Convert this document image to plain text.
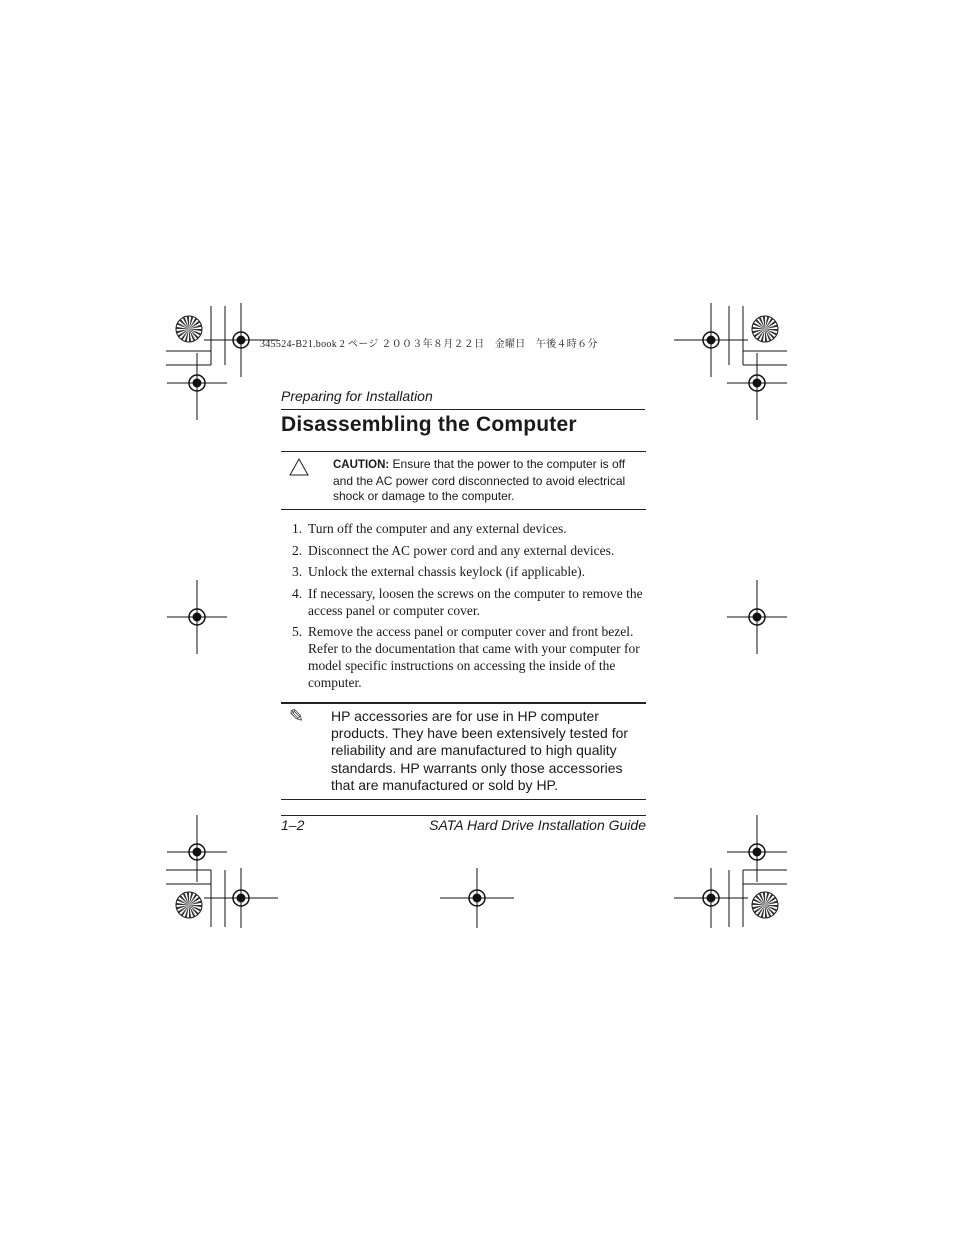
345524-B21.book 2 ページ ２００３年８月２２日　金曜日　午後４時６分
Preparing for Installation
Disassembling the Computer
CAUTION: Ensure that the power to the computer is off and the AC power cord disconnected to avoid electrical shock or damage to the computer.
1. Turn off the computer and any external devices.
2. Disconnect the AC power cord and any external devices.
3. Unlock the external chassis keylock (if applicable).
4. If necessary, loosen the screws on the computer to remove the access panel or computer cover.
5. Remove the access panel or computer cover and front bezel. Refer to the documentation that came with your computer for model specific instructions on accessing the inside of the computer.
✎ HP accessories are for use in HP computer products. They have been extensively tested for reliability and are manufactured to high quality standards. HP warrants only those accessories that are manufactured or sold by HP.
1–2	SATA Hard Drive Installation Guide
